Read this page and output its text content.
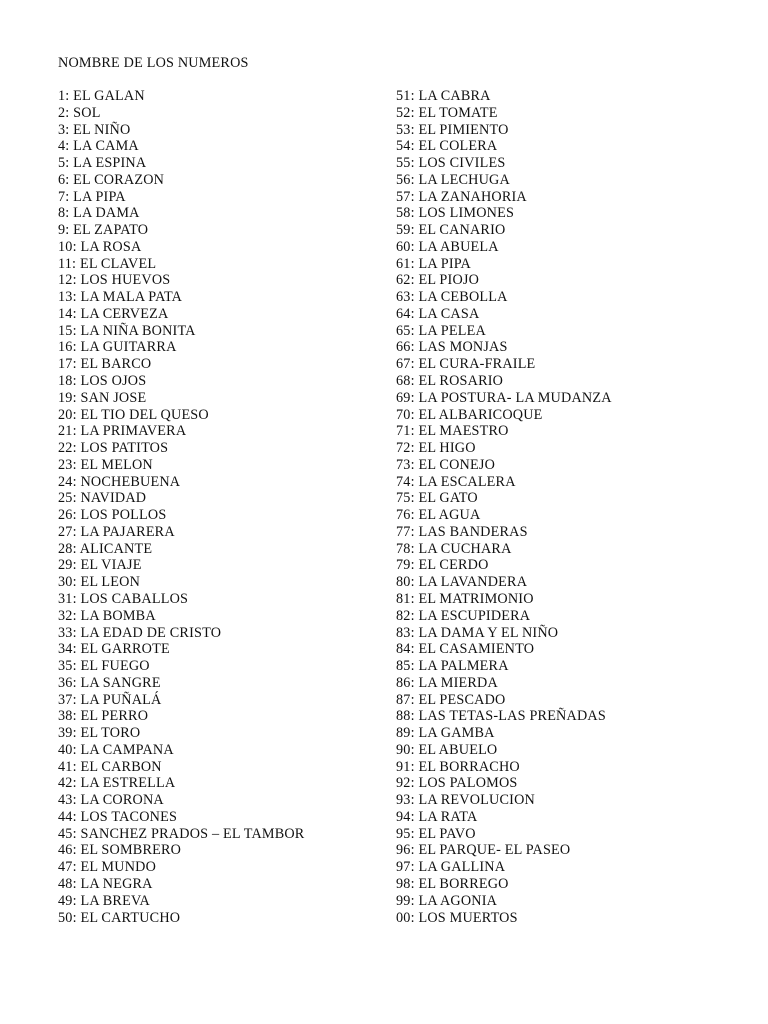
NOMBRE DE LOS NUMEROS
1: EL GALAN
2: SOL
3: EL NIÑO
4: LA CAMA
5: LA ESPINA
6: EL CORAZON
7: LA PIPA
8: LA DAMA
9: EL ZAPATO
10: LA ROSA
11: EL CLAVEL
12: LOS HUEVOS
13: LA MALA PATA
14: LA CERVEZA
15: LA NIÑA BONITA
16: LA GUITARRA
17: EL BARCO
18: LOS OJOS
19: SAN JOSE
20: EL TIO DEL QUESO
21: LA PRIMAVERA
22: LOS PATITOS
23: EL MELON
24: NOCHEBUENA
25: NAVIDAD
26: LOS POLLOS
27: LA PAJARERA
28: ALICANTE
29: EL VIAJE
30: EL LEON
31: LOS CABALLOS
32: LA BOMBA
33: LA EDAD DE CRISTO
34: EL GARROTE
35: EL FUEGO
36: LA SANGRE
37: LA PUÑALÁ
38: EL PERRO
39: EL TORO
40: LA CAMPANA
41: EL CARBON
42: LA ESTRELLA
43: LA CORONA
44: LOS TACONES
45: SANCHEZ PRADOS – EL TAMBOR
46: EL SOMBRERO
47: EL MUNDO
48: LA NEGRA
49: LA BREVA
50: EL CARTUCHO
51: LA CABRA
52: EL TOMATE
53: EL PIMIENTO
54: EL COLERA
55: LOS CIVILES
56: LA LECHUGA
57: LA ZANAHORIA
58: LOS LIMONES
59: EL CANARIO
60: LA ABUELA
61: LA PIPA
62: EL PIOJO
63: LA CEBOLLA
64: LA CASA
65: LA PELEA
66: LAS MONJAS
67: EL CURA-FRAILE
68: EL ROSARIO
69: LA POSTURA- LA MUDANZA
70: EL ALBARICOQUE
71: EL MAESTRO
72: EL HIGO
73: EL CONEJO
74: LA ESCALERA
75: EL GATO
76: EL AGUA
77: LAS BANDERAS
78: LA CUCHARA
79: EL CERDO
80: LA LAVANDERA
81: EL MATRIMONIO
82: LA ESCUPIDERA
83: LA DAMA Y EL NIÑO
84: EL CASAMIENTO
85: LA PALMERA
86: LA MIERDA
87: EL PESCADO
88: LAS TETAS-LAS PREÑADAS
89: LA GAMBA
90: EL ABUELO
91: EL BORRACHO
92: LOS PALOMOS
93: LA REVOLUCION
94: LA RATA
95: EL PAVO
96: EL PARQUE- EL PASEO
97: LA GALLINA
98: EL BORREGO
99: LA AGONIA
00: LOS MUERTOS
